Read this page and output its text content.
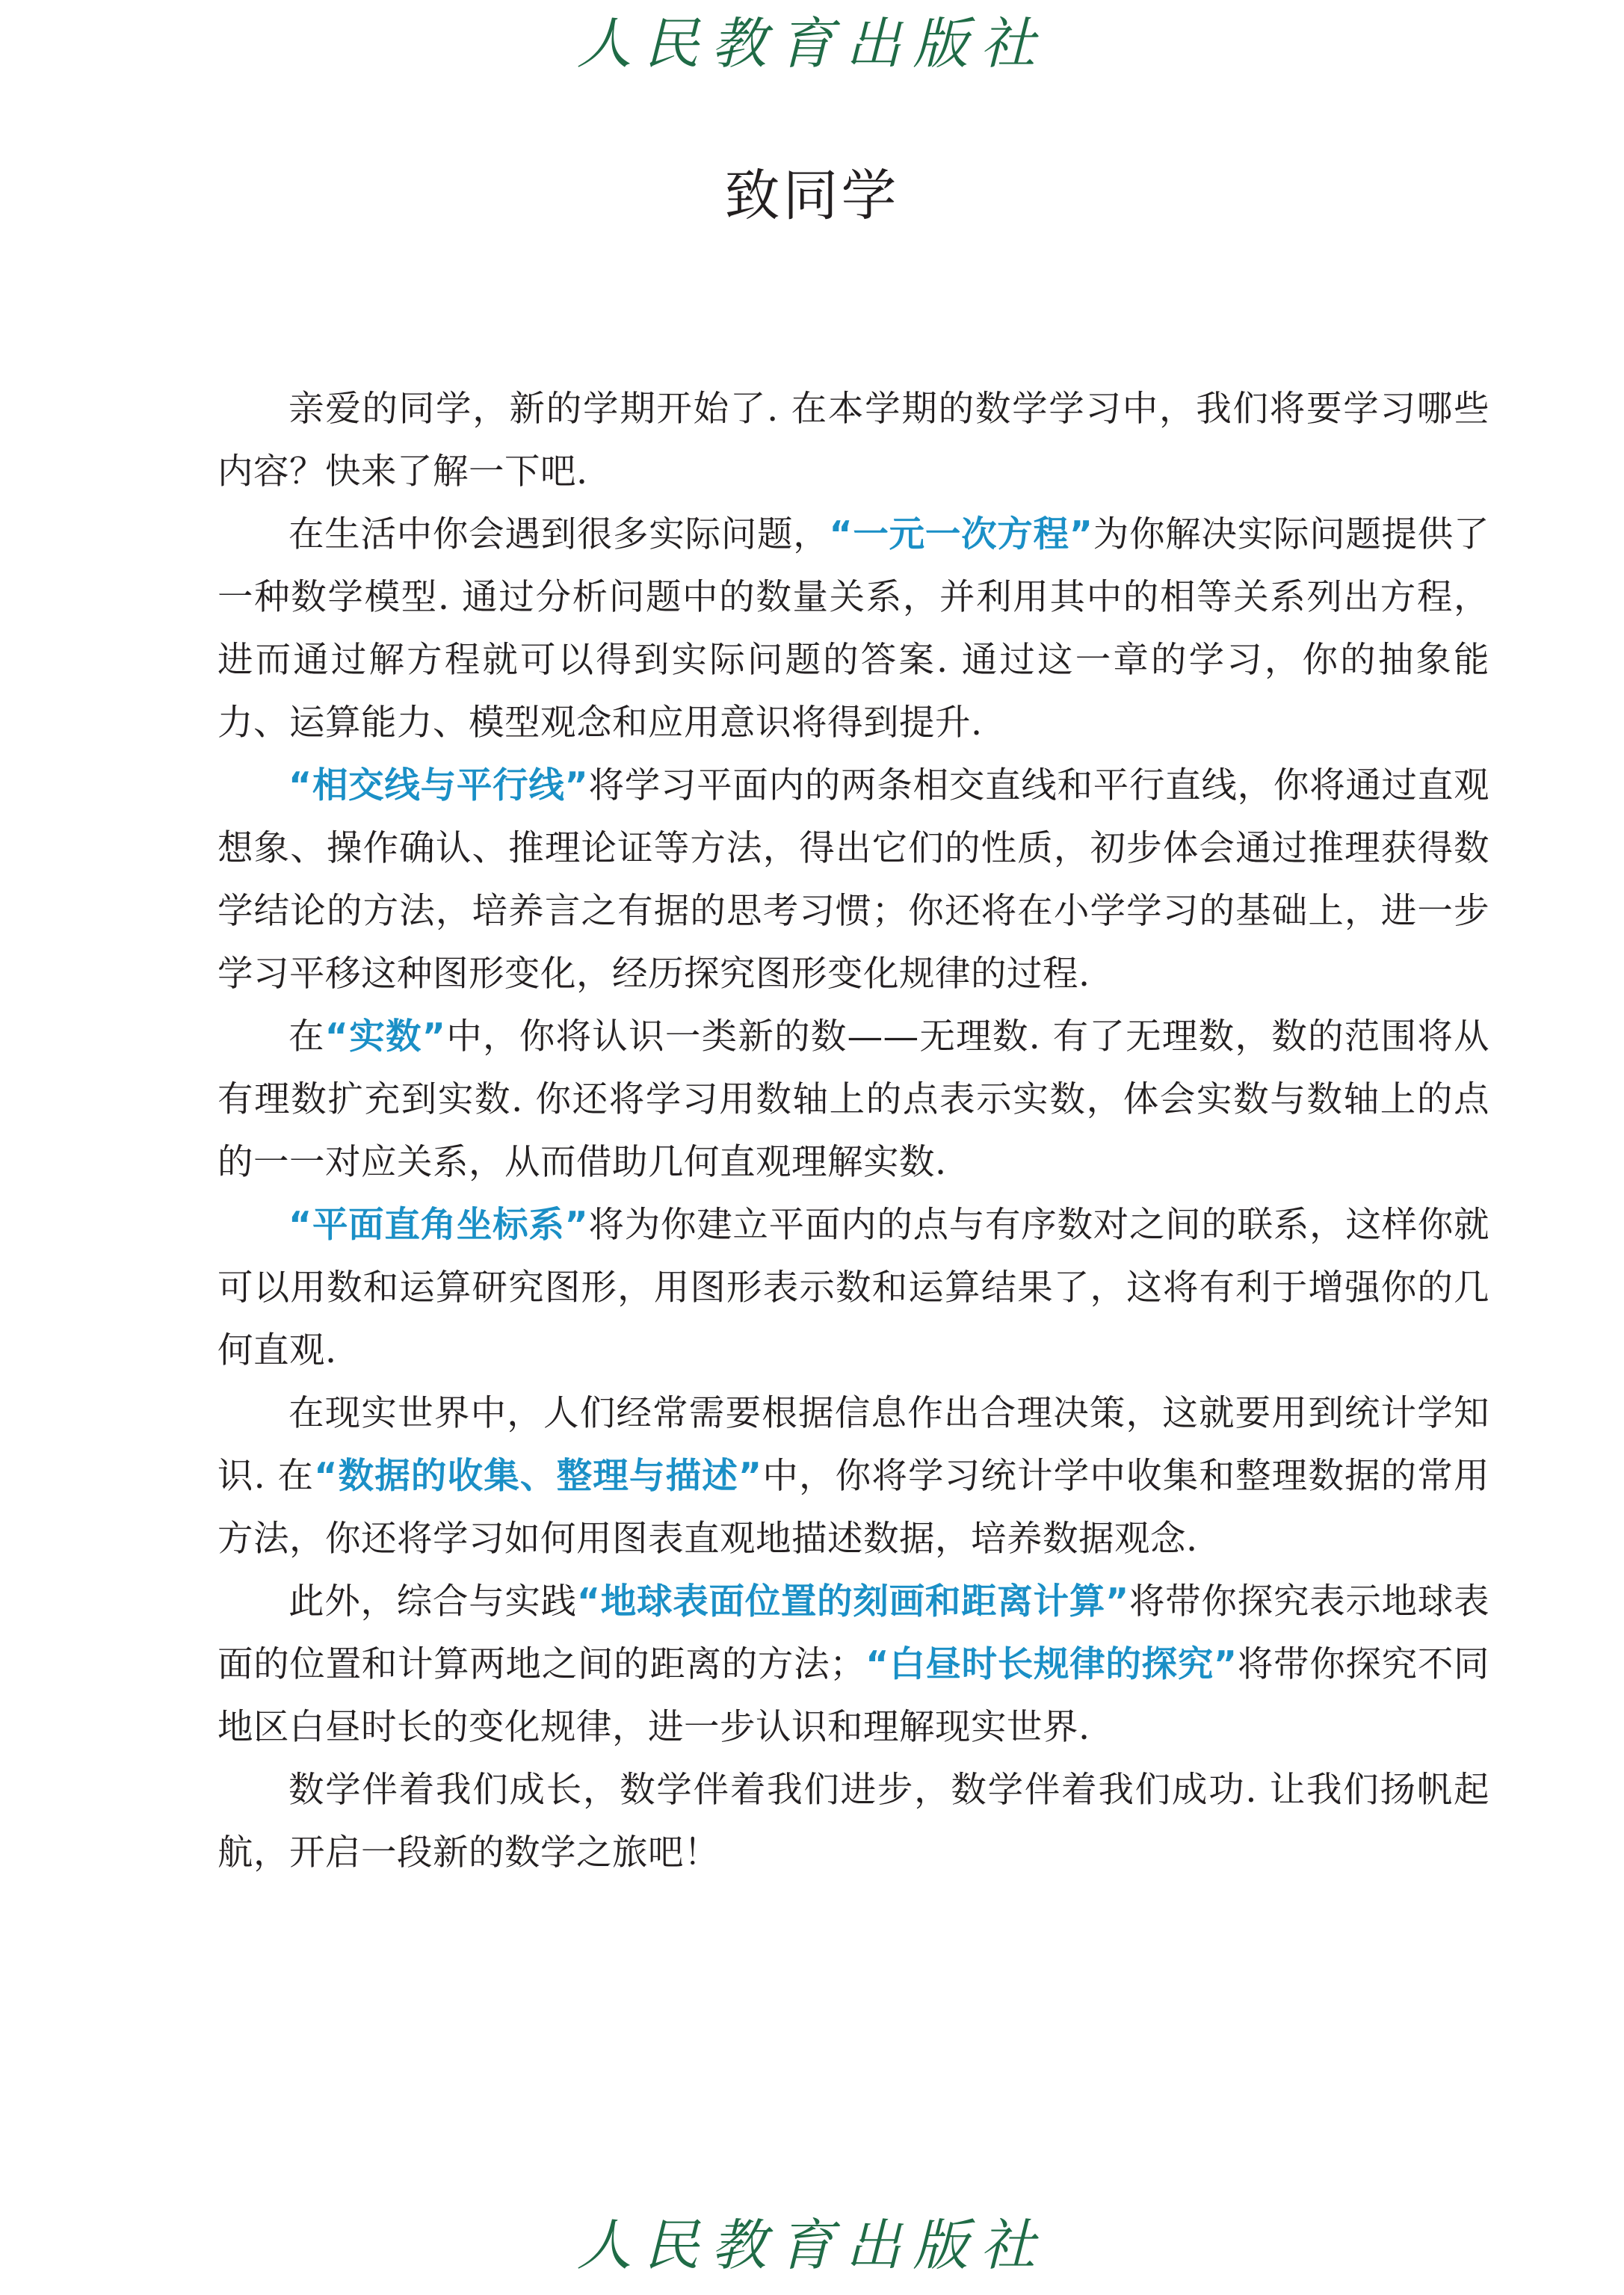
人民教育出版社
致同学

亲爱的同学，新的学期开始了. 在本学期的数学学习中，我们将要学习哪些内容？快来了解一下吧.

在生活中你会遇到很多实际问题，“一元一次方程”为你解决实际问题提供了一种数学模型. 通过分析问题中的数量关系，并利用其中的相等关系列出方程，进而通过解方程就可以得到实际问题的答案. 通过这一章的学习，你的抽象能力、运算能力、模型观念和应用意识将得到提升.

“相交线与平行线”将学习平面内的两条相交直线和平行直线，你将通过直观想象、操作确认、推理论证等方法，得出它们的性质，初步体会通过推理获得数学结论的方法，培养言之有据的思考习惯；你还将在小学学习的基础上，进一步学习平移这种图形变化，经历探究图形变化规律的过程.

在“实数”中，你将认识一类新的数——无理数. 有了无理数，数的范围将从有理数扩充到实数. 你还将学习用数轴上的点表示实数，体会实数与数轴上的点的一一对应关系，从而借助几何直观理解实数.

“平面直角坐标系”将为你建立平面内的点与有序数对之间的联系，这样你就可以用数和运算研究图形，用图形表示数和运算结果了，这将有利于增强你的几何直观.

在现实世界中，人们经常需要根据信息作出合理决策，这就要用到统计学知识. 在“数据的收集、整理与描述”中，你将学习统计学中收集和整理数据的常用方法，你还将学习如何用图表直观地描述数据，培养数据观念.

此外，综合与实践“地球表面位置的刻画和距离计算”将带你探究表示地球表面的位置和计算两地之间的距离的方法；“白昼时长规律的探究”将带你探究不同地区白昼时长的变化规律，进一步认识和理解现实世界.

数学伴着我们成长，数学伴着我们进步，数学伴着我们成功. 让我们扬帆起航，开启一段新的数学之旅吧！

人民教育出版社
